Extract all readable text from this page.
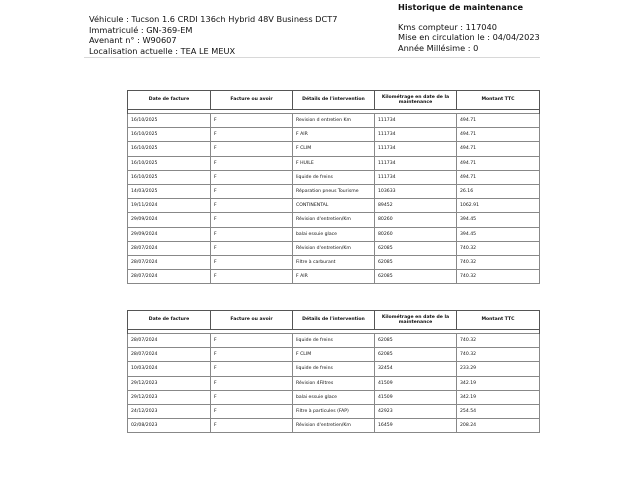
Véhicule : Tucson 1.6 CRDI 136ch Hybrid 48V Business DCT7
Immatriculé : GN-369-EM
Avenant n° : W90607
Localisation actuelle : TEA LE MEUX
Historique de maintenance
Kms compteur : 117040
Mise en circulation le : 04/04/2023
Année Millésime : 0
Date de facture	Facture ou avoir	Détails de l'intervention	Kilométrage en date de la maintenance	Montant TTC

16/10/2025	F	Revision d entretien Km	111734	494.71
16/10/2025	F	F AIR	111734	494.71
16/10/2025	F	F CLIM	111734	494.71
16/10/2025	F	F HUILE	111734	494.71
16/10/2025	F	liquide de freins	111734	494.71
14/03/2025	F	Réparation pneus Tourisme	103633	26.16
19/11/2024	F	CONTINENTAL	89452	1062.91
29/09/2024	F	Révision d'entretien/Km	80260	394.45
29/09/2024	F	balai essuie glace	80260	394.45
28/07/2024	F	Révision d'entretien/Km	62085	740.32
28/07/2024	F	Filtre à carburant	62085	740.32
28/07/2024	F	F AIR	62085	740.32
Date de facture	Facture ou avoir	Détails de l'intervention	Kilométrage en date de la maintenance	Montant TTC

28/07/2024	F	liquide de freins	62085	740.32
28/07/2024	F	F CLIM	62085	740.32
10/03/2024	F	liquide de freins	32454	233.29
29/12/2023	F	Révision 4Filtres	41509	342.19
29/12/2023	F	balai essuie glace	41509	342.19
24/12/2023	F	Filtre à particules (FAP)	42923	254.54
02/08/2023	F	Révision d'entretien/Km	16459	208.24
